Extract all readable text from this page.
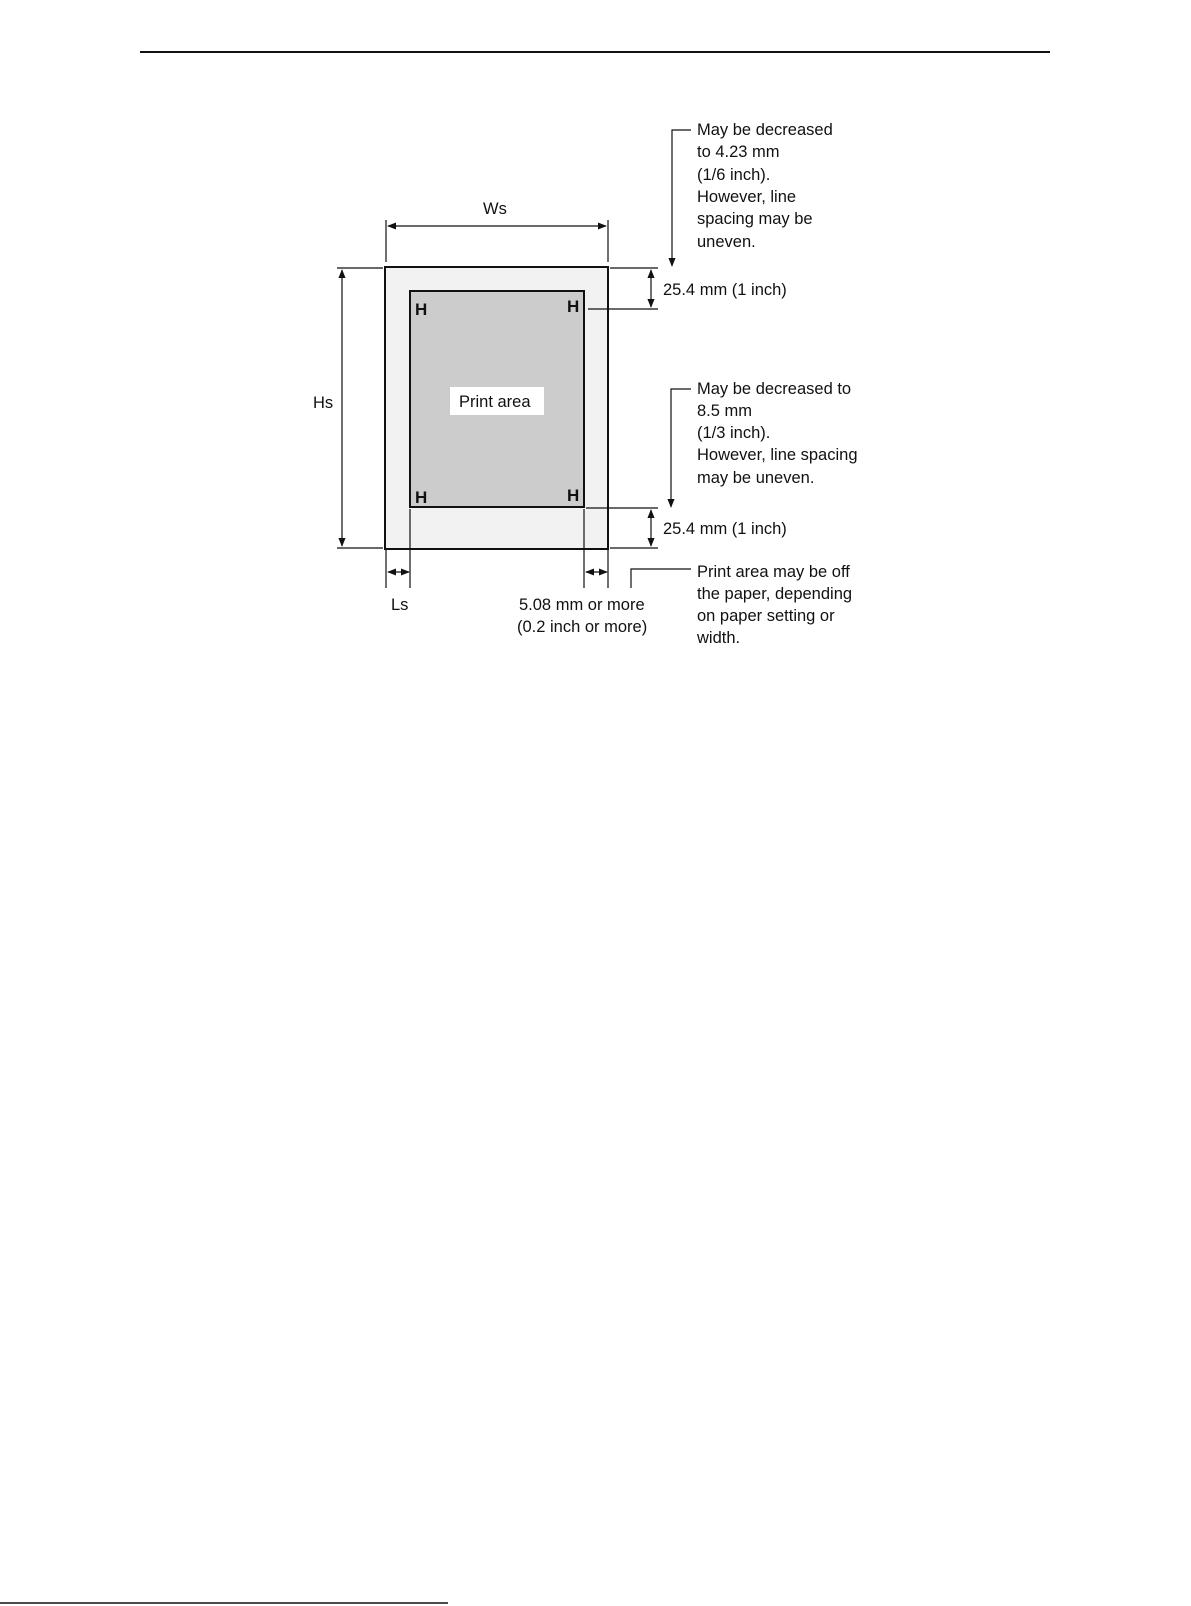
Print area
H	H
H	H
Ws
Hs
Ls	5.08 mm or more
(0.2 inch or more)
25.4 mm (1 inch)
25.4 mm (1 inch)
May be decreased
to 4.23 mm
(1/6 inch).
However, line
spacing may be
uneven.
May be decreased to
8.5 mm
(1/3 inch).
However, line spacing
may be uneven.
Print area may be off
the paper, depending
on paper setting or
width.
